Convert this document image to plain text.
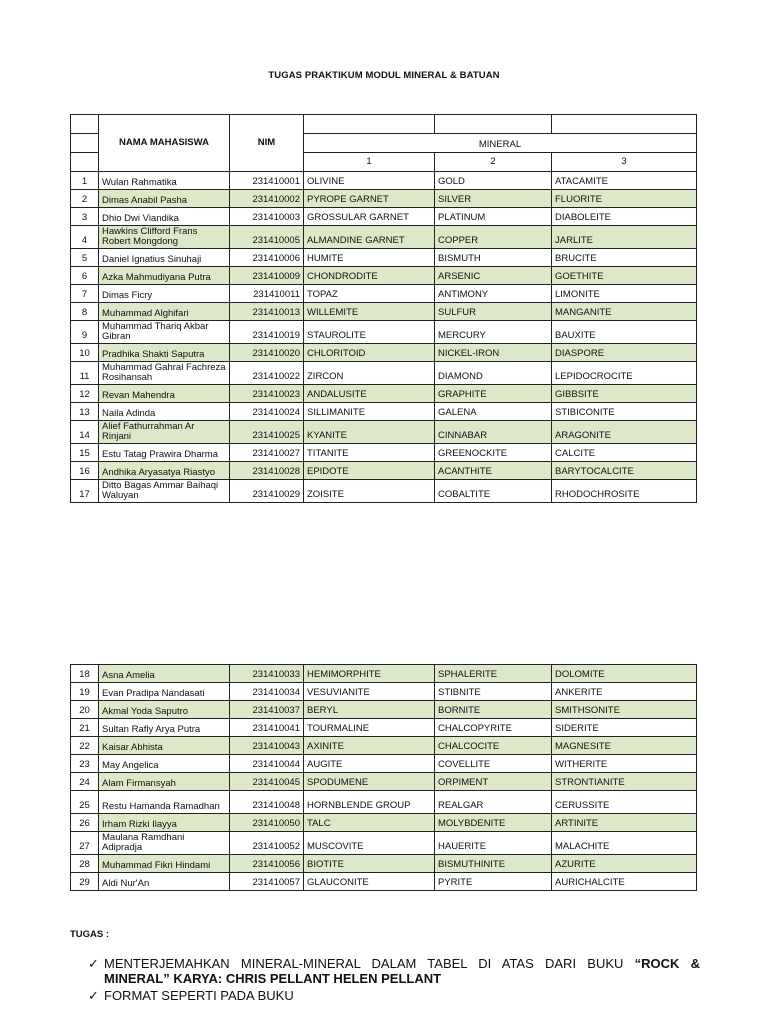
TUGAS PRAKTIKUM MODUL MINERAL & BATUAN
	NAMA MAHASISWA	NIM			
			MINERAL		
			1	2	3
1	Wulan Rahmatika	231410001	OLIVINE	GOLD	ATACAMITE
2	Dimas Anabil Pasha	231410002	PYROPE GARNET	SILVER	FLUORITE
3	Dhio Dwi Viandika	231410003	GROSSULAR GARNET	PLATINUM	DIABOLEITE
4	Hawkins Clifford Frans Robert Mongdong	231410005	ALMANDINE GARNET	COPPER	JARLITE
5	Daniel Ignatius Sinuhaji	231410006	HUMITE	BISMUTH	BRUCITE
6	Azka Mahmudiyana Putra	231410009	CHONDRODITE	ARSENIC	GOETHITE
7	Dimas Ficry	231410011	TOPAZ	ANTIMONY	LIMONITE
8	Muhammad Alghifari	231410013	WILLEMITE	SULFUR	MANGANITE
9	Muhammad Thariq Akbar Gibran	231410019	STAUROLITE	MERCURY	BAUXITE
10	Pradhika Shakti Saputra	231410020	CHLORITOID	NICKEL-IRON	DIASPORE
11	Muhammad Gahral Fachreza Rosihansah	231410022	ZIRCON	DIAMOND	LEPIDOCROCITE
12	Revan Mahendra	231410023	ANDALUSITE	GRAPHITE	GIBBSITE
13	Naila Adinda	231410024	SILLIMANITE	GALENA	STIBICONITE
14	Alief Fathurrahman Ar Rinjani	231410025	KYANITE	CINNABAR	ARAGONITE
15	Estu Tatag Prawira Dharma	231410027	TITANITE	GREENOCKITE	CALCITE
16	Andhika Aryasatya Riastyo	231410028	EPIDOTE	ACANTHITE	BARYTOCALCITE
17	Ditto Bagas Ammar Baihaqi Waluyan	231410029	ZOISITE	COBALTITE	RHODOCHROSITE
18	Asna Amelia	231410033	HEMIMORPHITE	SPHALERITE	DOLOMITE
19	Evan Pradipa Nandasati	231410034	VESUVIANITE	STIBNITE	ANKERITE
20	Akmal Yoda Saputro	231410037	BERYL	BORNITE	SMITHSONITE
21	Sultan Rafly Arya Putra	231410041	TOURMALINE	CHALCOPYRITE	SIDERITE
22	Kaisar Abhista	231410043	AXINITE	CHALCOCITE	MAGNESITE
23	May Angelica	231410044	AUGITE	COVELLITE	WITHERITE
24	Alam Firmansyah	231410045	SPODUMENE	ORPIMENT	STRONTIANITE
25	Restu Hamanda Ramadhan	231410048	HORNBLENDE GROUP	REALGAR	CERUSSITE
26	Irham Rizki Ilayya	231410050	TALC	MOLYBDENITE	ARTINITE
27	Maulana Ramdhani Adipradja	231410052	MUSCOVITE	HAUERITE	MALACHITE
28	Muhammad Fikri Hindami	231410056	BIOTITE	BISMUTHINITE	AZURITE
29	Aldi Nur'An	231410057	GLAUCONITE	PYRITE	AURICHALCITE
TUGAS :
✓ MENTERJEMAHKAN MINERAL-MINERAL DALAM TABEL DI ATAS DARI BUKU “ROCK & MINERAL” KARYA: CHRIS PELLANT HELEN PELLANT
✓ FORMAT SEPERTI PADA BUKU
